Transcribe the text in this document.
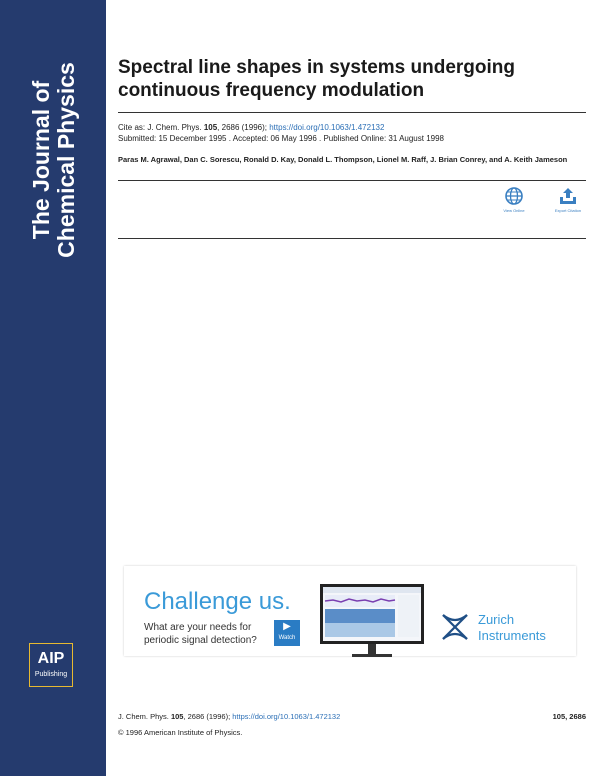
The Journal of Chemical Physics
AIP
Publishing
Spectral line shapes in systems undergoing continuous frequency modulation
Cite as: J. Chem. Phys. 105, 2686 (1996); https://doi.org/10.1063/1.472132
Submitted: 15 December 1995 . Accepted: 06 May 1996 . Published Online: 31 August 1998
Paras M. Agrawal, Dan C. Sorescu, Ronald D. Kay, Donald L. Thompson, Lionel M. Raff, J. Brian Conrey, and A. Keith Jameson
View Online	Export Citation
Challenge us.
What are your needs for periodic signal detection?
▶
Watch
Zurich
Instruments
J. Chem. Phys. 105, 2686 (1996); https://doi.org/10.1063/1.472132	105, 2686
© 1996 American Institute of Physics.
